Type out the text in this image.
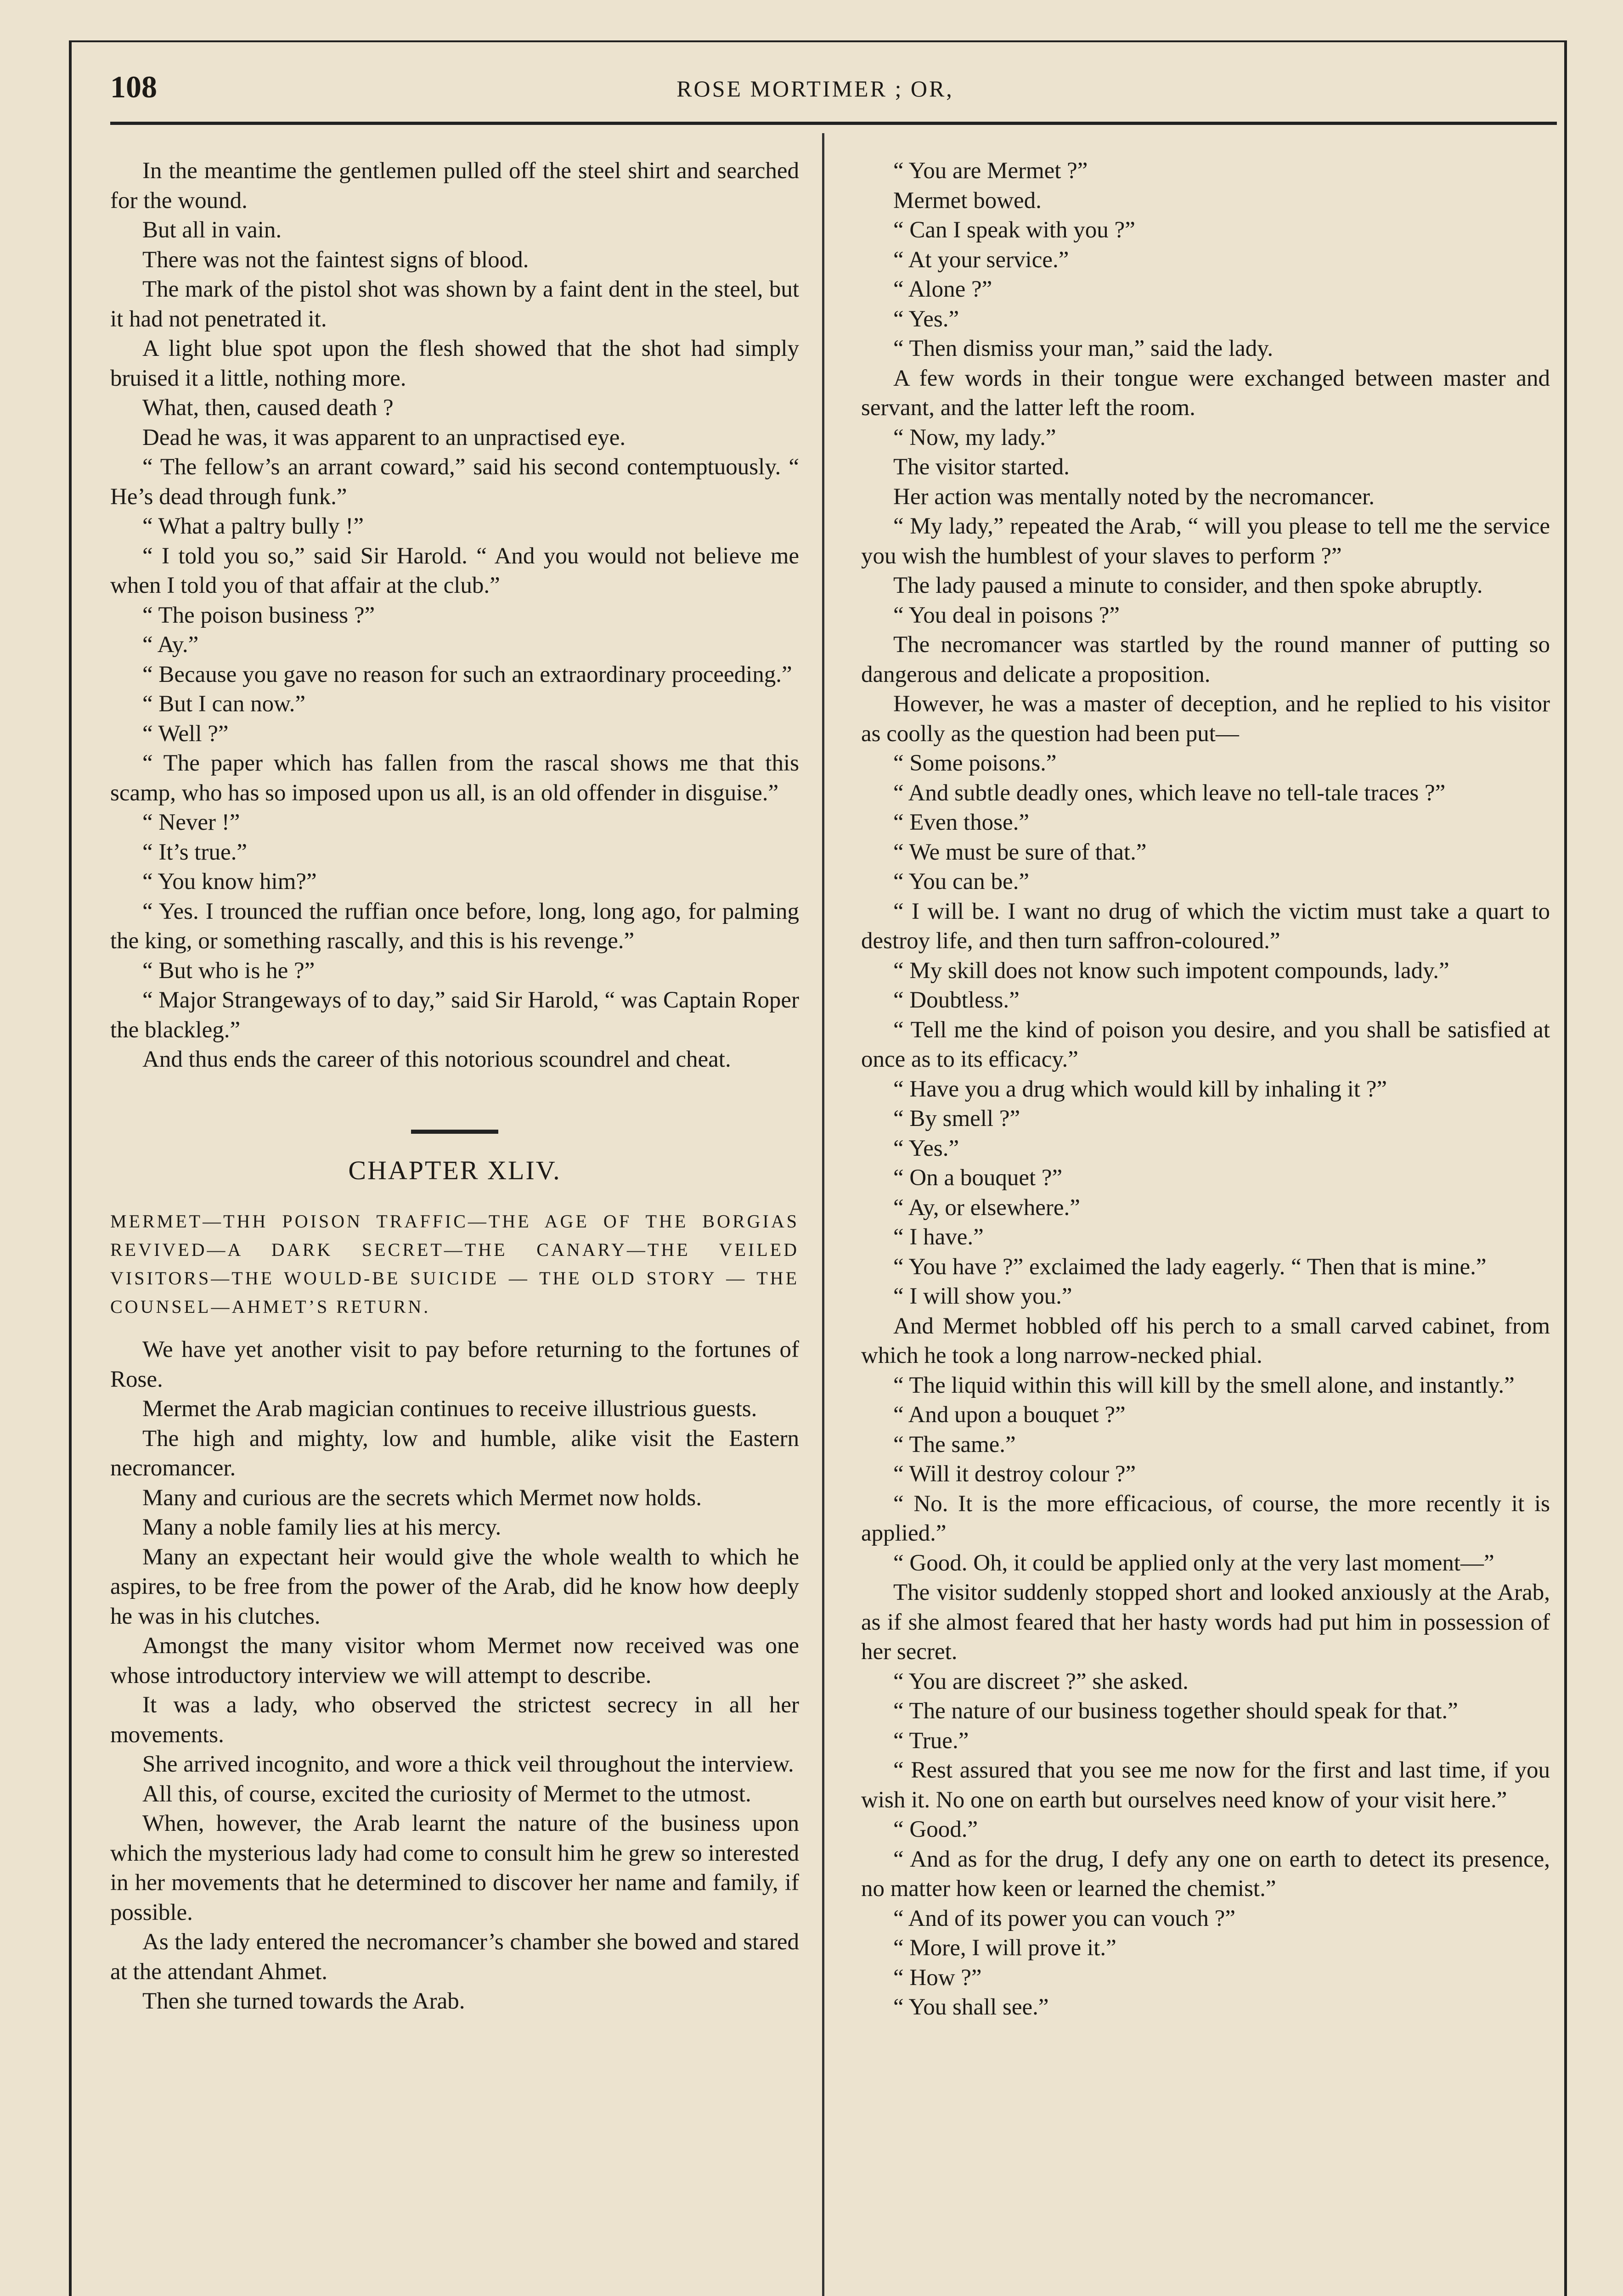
108	ROSE MORTIMER ; OR,

In the meantime the gentlemen pulled off the steel shirt and searched for the wound.

But all in vain.

There was not the faintest signs of blood.

The mark of the pistol shot was shown by a faint dent in the steel, but it had not penetrated it.

A light blue spot upon the flesh showed that the shot had simply bruised it a little, nothing more.

What, then, caused death ?

Dead he was, it was apparent to an unpractised eye.

“ The fellow’s an arrant coward,” said his second contemptuously. “ He’s dead through funk.”

“ What a paltry bully !”

“ I told you so,” said Sir Harold. “ And you would not believe me when I told you of that affair at the club.”

“ The poison business ?”

“ Ay.”

“ Because you gave no reason for such an extraordinary proceeding.”

“ But I can now.”

“ Well ?”

“ The paper which has fallen from the rascal shows me that this scamp, who has so imposed upon us all, is an old offender in disguise.”

“ Never !”

“ It’s true.”

“ You know him?”

“ Yes. I trounced the ruffian once before, long, long ago, for palming the king, or something rascally, and this is his revenge.”

“ But who is he ?”

“ Major Strangeways of to day,” said Sir Harold, “ was Captain Roper the blackleg.”

And thus ends the career of this notorious scoundrel and cheat.

CHAPTER XLIV.
MERMET—THH POISON TRAFFIC—THE AGE OF THE BORGIAS REVIVED—A DARK SECRET—THE CANARY—THE VEILED VISITORS—THE WOULD-BE SUICIDE — THE OLD STORY — THE COUNSEL—AHMET’S RETURN.

We have yet another visit to pay before returning to the fortunes of Rose.

Mermet the Arab magician continues to receive illustrious guests.

The high and mighty, low and humble, alike visit the Eastern necromancer.

Many and curious are the secrets which Mermet now holds.

Many a noble family lies at his mercy.

Many an expectant heir would give the whole wealth to which he aspires, to be free from the power of the Arab, did he know how deeply he was in his clutches.

Amongst the many visitor whom Mermet now received was one whose introductory interview we will attempt to describe.

It was a lady, who observed the strictest secrecy in all her movements.

She arrived incognito, and wore a thick veil throughout the interview.

All this, of course, excited the curiosity of Mermet to the utmost.

When, however, the Arab learnt the nature of the business upon which the mysterious lady had come to consult him he grew so interested in her movements that he determined to discover her name and family, if possible.

As the lady entered the necromancer’s chamber she bowed and stared at the attendant Ahmet.

Then she turned towards the Arab.

“ You are Mermet ?”

Mermet bowed.

“ Can I speak with you ?”

“ At your service.”

“ Alone ?”

“ Yes.”

“ Then dismiss your man,” said the lady.

A few words in their tongue were exchanged between master and servant, and the latter left the room.

“ Now, my lady.”

The visitor started.

Her action was mentally noted by the necromancer.

“ My lady,” repeated the Arab, “ will you please to tell me the service you wish the humblest of your slaves to perform ?”

The lady paused a minute to consider, and then spoke abruptly.

“ You deal in poisons ?”

The necromancer was startled by the round manner of putting so dangerous and delicate a proposition.

However, he was a master of deception, and he replied to his visitor as coolly as the question had been put—

“ Some poisons.”

“ And subtle deadly ones, which leave no tell-tale traces ?”

“ Even those.”

“ We must be sure of that.”

“ You can be.”

“ I will be. I want no drug of which the victim must take a quart to destroy life, and then turn saffron-coloured.”

“ My skill does not know such impotent compounds, lady.”

“ Doubtless.”

“ Tell me the kind of poison you desire, and you shall be satisfied at once as to its efficacy.”

“ Have you a drug which would kill by inhaling it ?”

“ By smell ?”

“ Yes.”

“ On a bouquet ?”

“ Ay, or elsewhere.”

“ I have.”

“ You have ?” exclaimed the lady eagerly. “ Then that is mine.”

“ I will show you.”

And Mermet hobbled off his perch to a small carved cabinet, from which he took a long narrow-necked phial.

“ The liquid within this will kill by the smell alone, and instantly.”

“ And upon a bouquet ?”

“ The same.”

“ Will it destroy colour ?”

“ No. It is the more efficacious, of course, the more recently it is applied.”

“ Good. Oh, it could be applied only at the very last moment—”

The visitor suddenly stopped short and looked anxiously at the Arab, as if she almost feared that her hasty words had put him in possession of her secret.

“ You are discreet ?” she asked.

“ The nature of our business together should speak for that.”

“ True.”

“ Rest assured that you see me now for the first and last time, if you wish it. No one on earth but ourselves need know of your visit here.”

“ Good.”

“ And as for the drug, I defy any one on earth to detect its presence, no matter how keen or learned the chemist.”

“ And of its power you can vouch ?”

“ More, I will prove it.”

“ How ?”

“ You shall see.”
